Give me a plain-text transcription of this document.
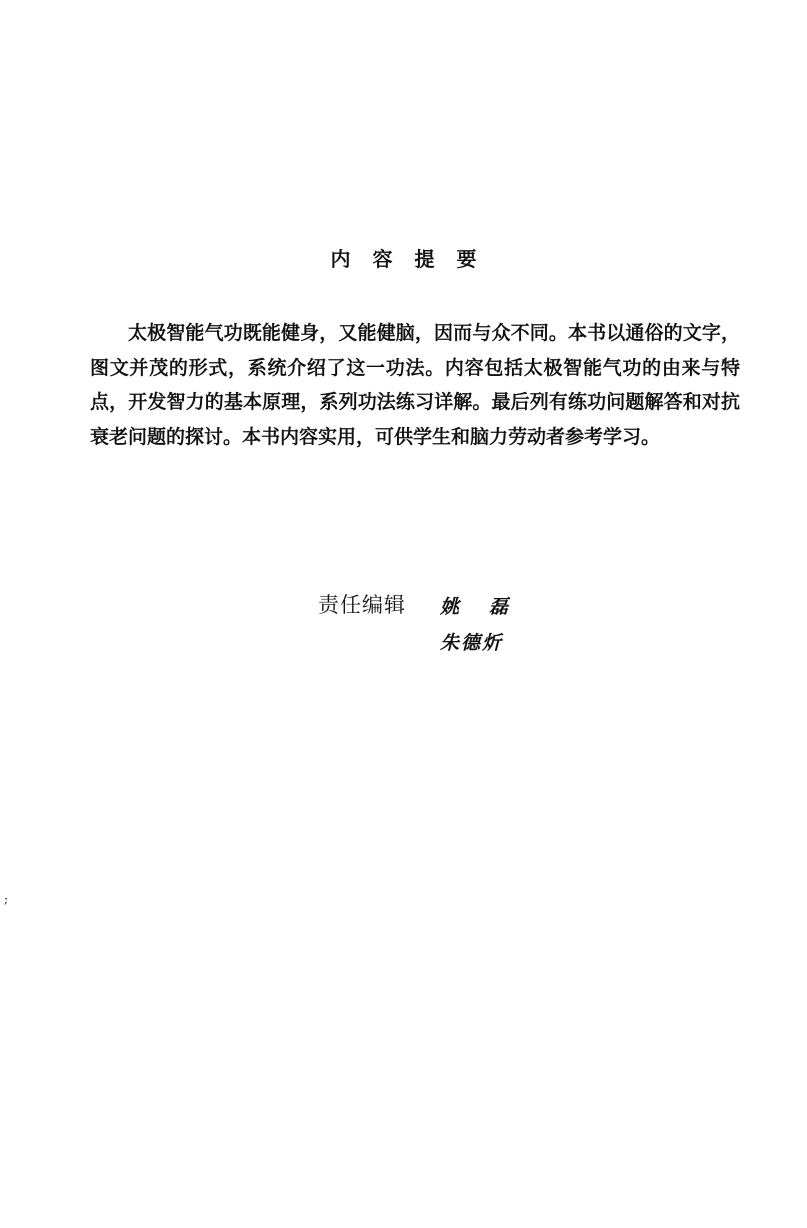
内容提要

太极智能气功既能健身，又能健脑，因而与众不同。本书以通俗的文字，图文并茂的形式，系统介绍了这一功法。内容包括太极智能气功的由来与特点，开发智力的基本原理，系列功法练习详解。最后列有练功问题解答和对抗衰老问题的探讨。本书内容实用，可供学生和脑力劳动者参考学习。

责任编辑 姚磊
朱德炘
;
